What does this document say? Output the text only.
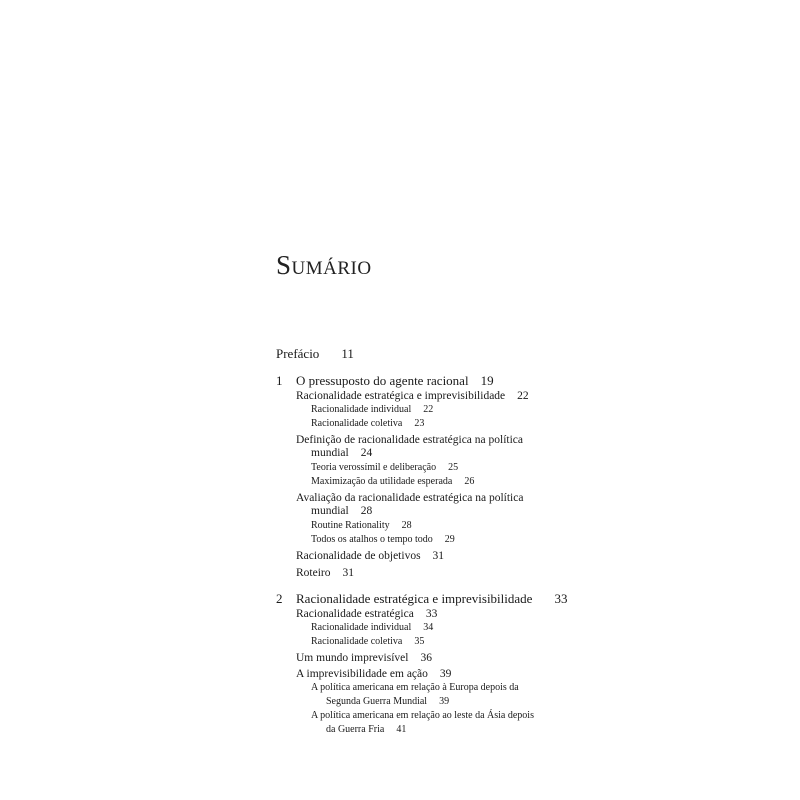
Sumário
Prefácio 11
1 O pressuposto do agente racional 19
Racionalidade estratégica e imprevisibilidade 22
Racionalidade individual 22
Racionalidade coletiva 23
Definição de racionalidade estratégica na política
mundial 24
Teoria verossímil e deliberação 25
Maximização da utilidade esperada 26
Avaliação da racionalidade estratégica na política
mundial 28
Routine Rationality 28
Todos os atalhos o tempo todo 29
Racionalidade de objetivos 31
Roteiro 31
2 Racionalidade estratégica e imprevisibilidade 33
Racionalidade estratégica 33
Racionalidade individual 34
Racionalidade coletiva 35
Um mundo imprevisível 36
A imprevisibilidade em ação 39
A política americana em relação à Europa depois da
Segunda Guerra Mundial 39
A política americana em relação ao leste da Ásia depois
da Guerra Fria 41
